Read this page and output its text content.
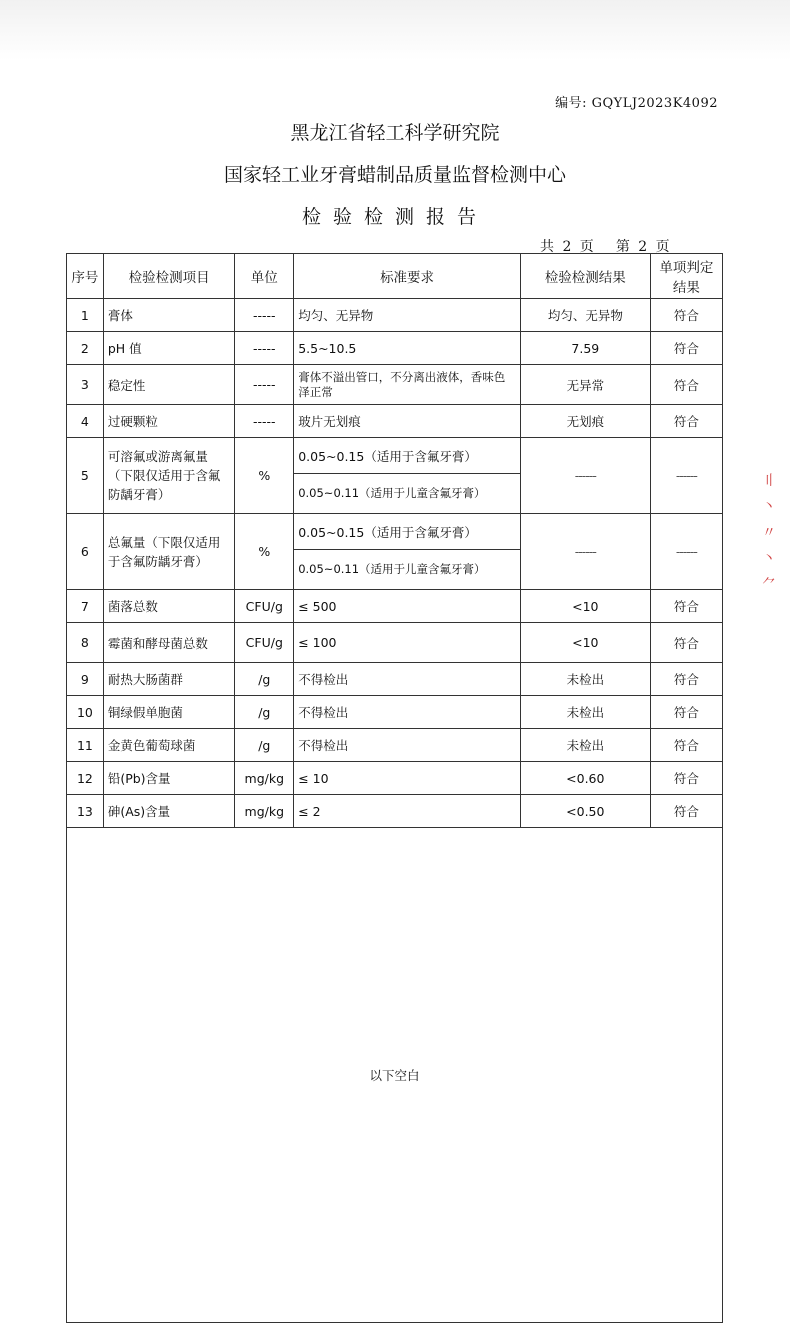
编号: GQYLJ2023K4092
黑龙江省轻工科学研究院
国家轻工业牙膏蜡制品质量监督检测中心
检验检测报告
共 2 页 第 2 页
序号	检验检测项目	单位	标准要求	检验检测结果	单项判定结果
1	膏体	-----	均匀、无异物	均匀、无异物	符合
2	pH 值	-----	5.5~10.5	7.59	符合
3	稳定性	-----	膏体不溢出管口，不分离出液体，香味色泽正常	无异常	符合
4	过硬颗粒	-----	玻片无划痕	无划痕	符合
5	可溶氟或游离氟量（下限仅适用于含氟防龋牙膏）	%	0.05~0.15（适用于含氟牙膏）	------	------
			0.05~0.11（适用于儿童含氟牙膏）		
6	总氟量（下限仅适用于含氟防龋牙膏）	%	0.05~0.15（适用于含氟牙膏）	------	------
			0.05~0.11（适用于儿童含氟牙膏）		
7	菌落总数	CFU/g	≤ 500	<10	符合
8	霉菌和酵母菌总数	CFU/g	≤ 100	<10	符合
9	耐热大肠菌群	/g	不得检出	未检出	符合
10	铜绿假单胞菌	/g	不得检出	未检出	符合
11	金黄色葡萄球菌	/g	不得检出	未检出	符合
12	铅(Pb)含量	mg/kg	≤ 10	<0.60	符合
13	砷(As)含量	mg/kg	≤ 2	<0.50	符合
以下空白					
〢
丶
〃
丶
⺈
